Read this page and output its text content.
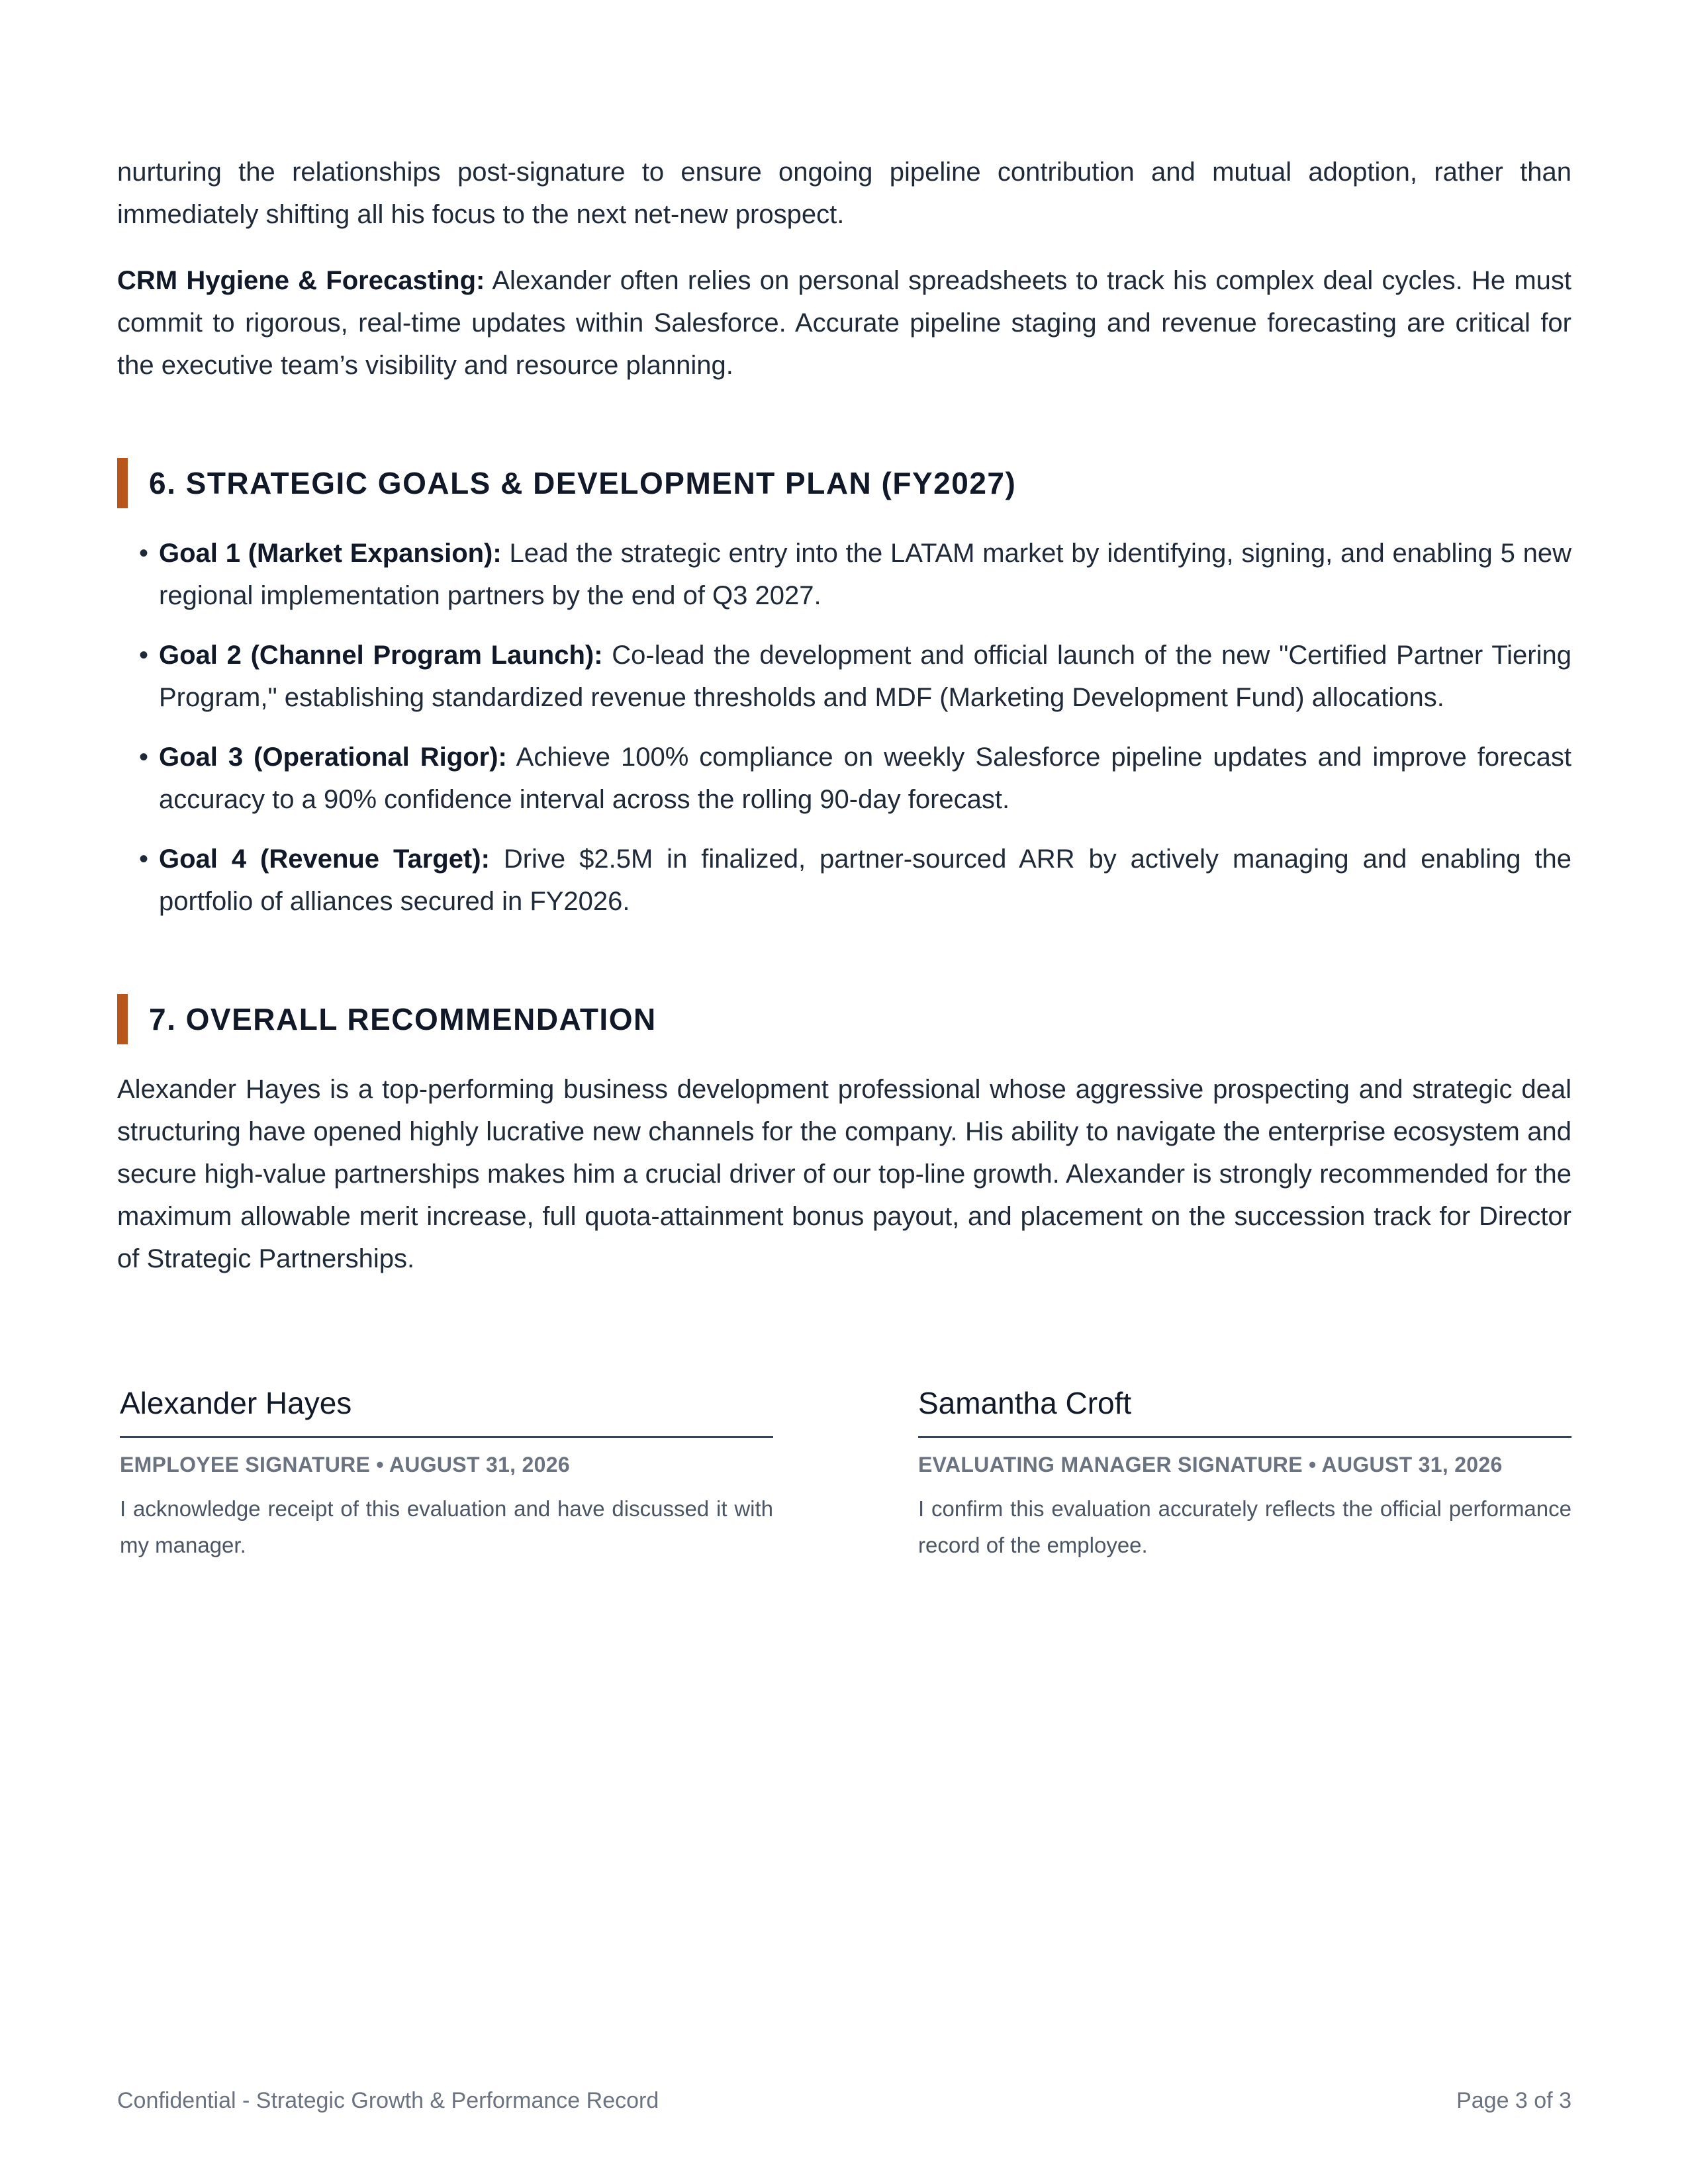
nurturing the relationships post-signature to ensure ongoing pipeline contribution and mutual adoption, rather than immediately shifting all his focus to the next net-new prospect.

CRM Hygiene & Forecasting: Alexander often relies on personal spreadsheets to track his complex deal cycles. He must commit to rigorous, real-time updates within Salesforce. Accurate pipeline staging and revenue forecasting are critical for the executive team’s visibility and resource planning.

6. STRATEGIC GOALS & DEVELOPMENT PLAN (FY2027)
• Goal 1 (Market Expansion): Lead the strategic entry into the LATAM market by identifying, signing, and enabling 5 new regional implementation partners by the end of Q3 2027.
• Goal 2 (Channel Program Launch): Co-lead the development and official launch of the new "Certified Partner Tiering Program," establishing standardized revenue thresholds and MDF (Marketing Development Fund) allocations.
• Goal 3 (Operational Rigor): Achieve 100% compliance on weekly Salesforce pipeline updates and improve forecast accuracy to a 90% confidence interval across the rolling 90-day forecast.
• Goal 4 (Revenue Target): Drive $2.5M in finalized, partner-sourced ARR by actively managing and enabling the portfolio of alliances secured in FY2026.
7. OVERALL RECOMMENDATION

Alexander Hayes is a top-performing business development professional whose aggressive prospecting and strategic deal structuring have opened highly lucrative new channels for the company. His ability to navigate the enterprise ecosystem and secure high-value partnerships makes him a crucial driver of our top-line growth. Alexander is strongly recommended for the maximum allowable merit increase, full quota-attainment bonus payout, and placement on the succession track for Director of Strategic Partnerships.

Alexander Hayes
EMPLOYEE SIGNATURE • AUGUST 31, 2026
I acknowledge receipt of this evaluation and have discussed it with my manager.
Samantha Croft
EVALUATING MANAGER SIGNATURE • AUGUST 31, 2026
I confirm this evaluation accurately reflects the official performance record of the employee.
Confidential - Strategic Growth & Performance Record	Page 3 of 3
